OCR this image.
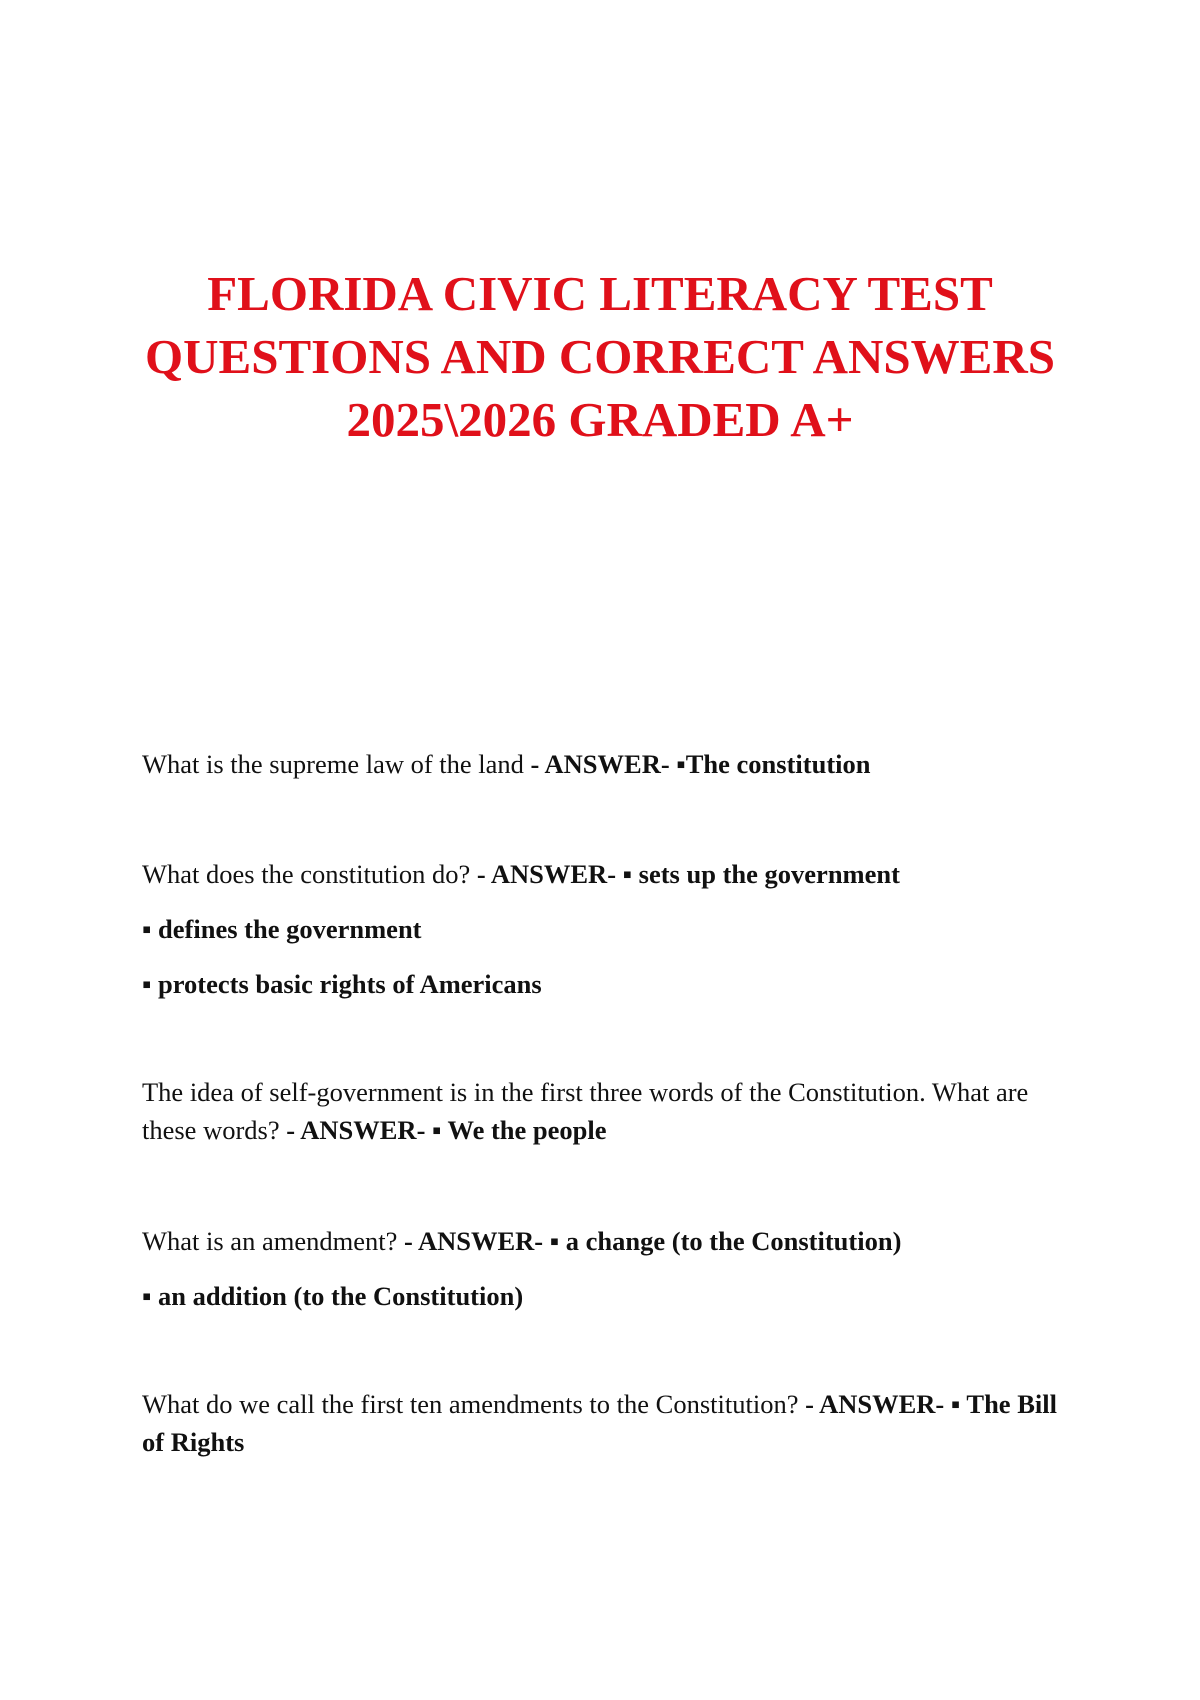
FLORIDA CIVIC LITERACY TEST
QUESTIONS AND CORRECT ANSWERS
2025\2026 GRADED A+
What is the supreme law of the land - ANSWER- ▪The constitution
What does the constitution do? - ANSWER- ▪ sets up the government
▪ defines the government
▪ protects basic rights of Americans
The idea of self-government is in the first three words of the Constitution. What are these words? - ANSWER- ▪ We the people
What is an amendment? - ANSWER- ▪ a change (to the Constitution)
▪ an addition (to the Constitution)
What do we call the first ten amendments to the Constitution? - ANSWER- ▪ The Bill of Rights
